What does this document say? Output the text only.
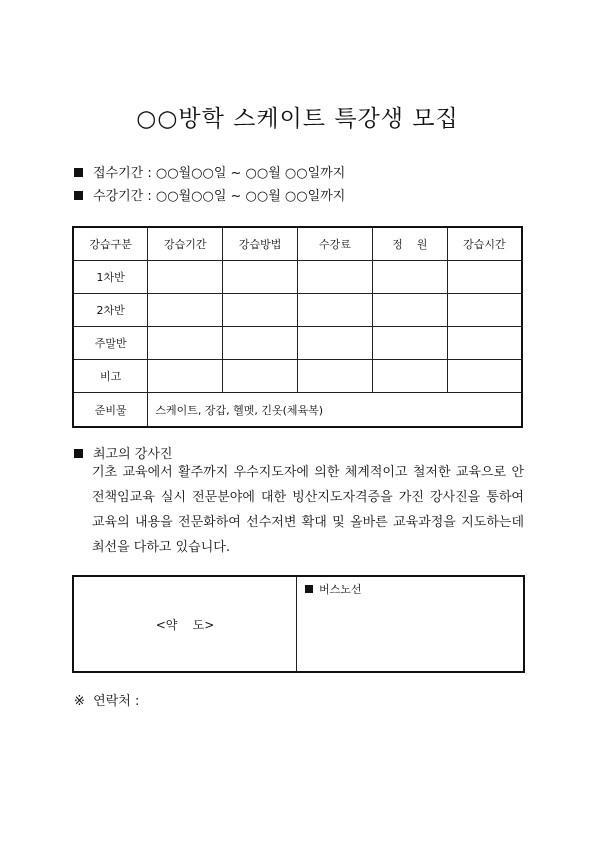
○○방학 스케이트 특강생 모집
접수기간 : ○○월○○일 ~ ○○월 ○○일까지
수강기간 : ○○월○○일 ~ ○○월 ○○일까지
강습구분	강습기간	강습방법	수강료	정    원	강습시간
1차반					
2차반					
주말반					
비고					
준비물	스케이트, 장갑, 헬멧, 긴옷(체육복)				
최고의 강사진
기초 교육에서 활주까지 우수지도자에 의한 체계적이고 철저한 교육으로 안전책임교육 실시 전문분야에 대한 빙산지도자격증을 가진 강사진을 통하여 교육의 내용을 전문화하여 선수저변 확대 및 올바른 교육과정을 지도하는데 최선을 다하고 있습니다.
<약    도>
버스노선
※  연락처 :
